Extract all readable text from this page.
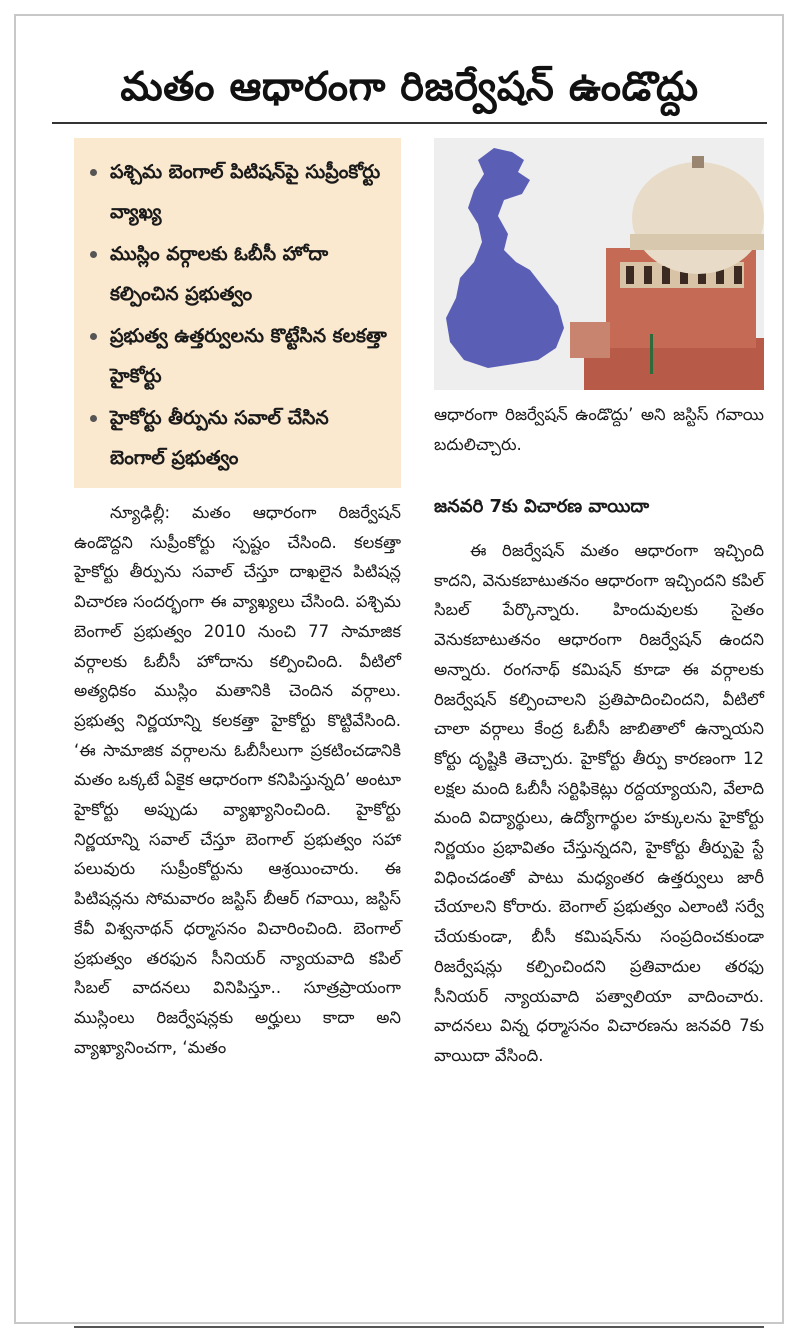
మతం ఆధారంగా రిజర్వేషన్ ఉండొద్దు
పశ్చిమ బెంగాల్ పిటిషన్‌పై సుప్రీంకోర్టు వ్యాఖ్య
ముస్లిం వర్గాలకు ఓబీసీ హోదా కల్పించిన ప్రభుత్వం
ప్రభుత్వ ఉత్తర్వులను కొట్టేసిన కలకత్తా హైకోర్టు
హైకోర్టు తీర్పును సవాల్ చేసిన బెంగాల్ ప్రభుత్వం

న్యూఢిల్లీ: మతం ఆధారంగా రిజర్వేషన్ ఉండొద్దని సుప్రీంకోర్టు స్పష్టం చేసింది. కలకత్తా హైకోర్టు తీర్పును సవాల్ చేస్తూ దాఖలైన పిటిషన్ల విచారణ సందర్భంగా ఈ వ్యాఖ్యలు చేసింది. పశ్చిమ బెంగాల్ ప్రభుత్వం 2010 నుంచి 77 సామాజిక వర్గాలకు ఓబీసీ హోదాను కల్పించింది. వీటిలో అత్యధికం ముస్లిం మతానికి చెందిన వర్గాలు. ప్రభుత్వ నిర్ణయాన్ని కలకత్తా హైకోర్టు కొట్టివేసింది. ‘ఈ సామాజిక వర్గాలను ఓబీసీలుగా ప్రకటించడానికి మతం ఒక్కటే ఏకైక ఆధారంగా కనిపిస్తున్నది’ అంటూ హైకోర్టు అప్పుడు వ్యాఖ్యానించింది. హైకోర్టు నిర్ణయాన్ని సవాల్ చేస్తూ బెంగాల్ ప్రభుత్వం సహా పలువురు సుప్రీంకోర్టును ఆశ్రయించారు. ఈ పిటిషన్లను సోమవారం జస్టిస్ బీఆర్ గవాయి, జస్టిస్ కేవీ విశ్వనాథన్ ధర్మాసనం విచారించింది. బెంగాల్ ప్రభుత్వం తరఫున సీనియర్ న్యాయవాది కపిల్ సిబల్ వాదనలు వినిపిస్తూ.. సూత్రప్రాయంగా ముస్లింలు రిజర్వేషన్లకు అర్హులు కాదా అని వ్యాఖ్యానించగా, ‘మతం

ఆధారంగా రిజర్వేషన్ ఉండొద్దు’ అని జస్టిస్ గవాయి బదులిచ్చారు.

జనవరి 7కు విచారణ వాయిదా

ఈ రిజర్వేషన్ మతం ఆధారంగా ఇచ్చింది కాదని, వెనుకబాటుతనం ఆధారంగా ఇచ్చిందని కపిల్ సిబల్ పేర్కొన్నారు. హిందువులకు సైతం వెనుకబాటుతనం ఆధారంగా రిజర్వేషన్ ఉందని అన్నారు. రంగనాథ్ కమిషన్ కూడా ఈ వర్గాలకు రిజర్వేషన్ కల్పించాలని ప్రతిపాదించిందని, వీటిలో చాలా వర్గాలు కేంద్ర ఓబీసీ జాబితాలో ఉన్నాయని కోర్టు దృష్టికి తెచ్చారు. హైకోర్టు తీర్పు కారణంగా 12 లక్షల మంది ఓబీసీ సర్టిఫికెట్లు రద్దయ్యాయని, వేలాది మంది విద్యార్థులు, ఉద్యోగార్థుల హక్కులను హైకోర్టు నిర్ణయం ప్రభావితం చేస్తున్నదని, హైకోర్టు తీర్పుపై స్టే విధించడంతో పాటు మధ్యంతర ఉత్తర్వులు జారీ చేయాలని కోరారు. బెంగాల్ ప్రభుత్వం ఎలాంటి సర్వే చేయకుండా, బీసీ కమిషన్‌ను సంప్రదించకుండా రిజర్వేషన్లు కల్పించిందని ప్రతివాదుల తరఫు సీనియర్ న్యాయవాది పత్వాలియా వాదించారు. వాదనలు విన్న ధర్మాసనం విచారణను జనవరి 7కు వాయిదా వేసింది.
